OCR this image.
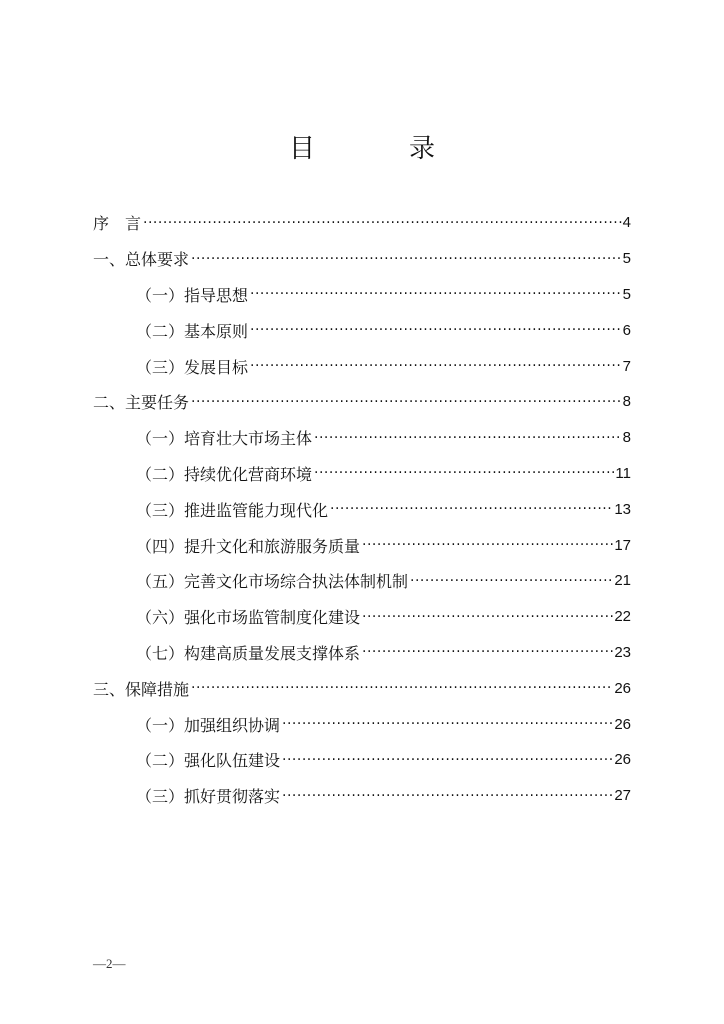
目　录
序　言 ·····	4
一、总体要求 ·····	5
（一）指导思想 ·····	5
（二）基本原则 ·····	6
（三）发展目标 ·····	7
二、主要任务 ·····	8
（一）培育壮大市场主体 ·····	8
（二）持续优化营商环境 ·····	11
（三）推进监管能力现代化 ·····	13
（四）提升文化和旅游服务质量 ·····	17
（五）完善文化市场综合执法体制机制 ·····	21
（六）强化市场监管制度化建设 ·····	22
（七）构建高质量发展支撑体系 ·····	23
三、保障措施 ·····	26
（一）加强组织协调 ·····	26
（二）强化队伍建设 ·····	26
（三）抓好贯彻落实 ·····	27
—2—
